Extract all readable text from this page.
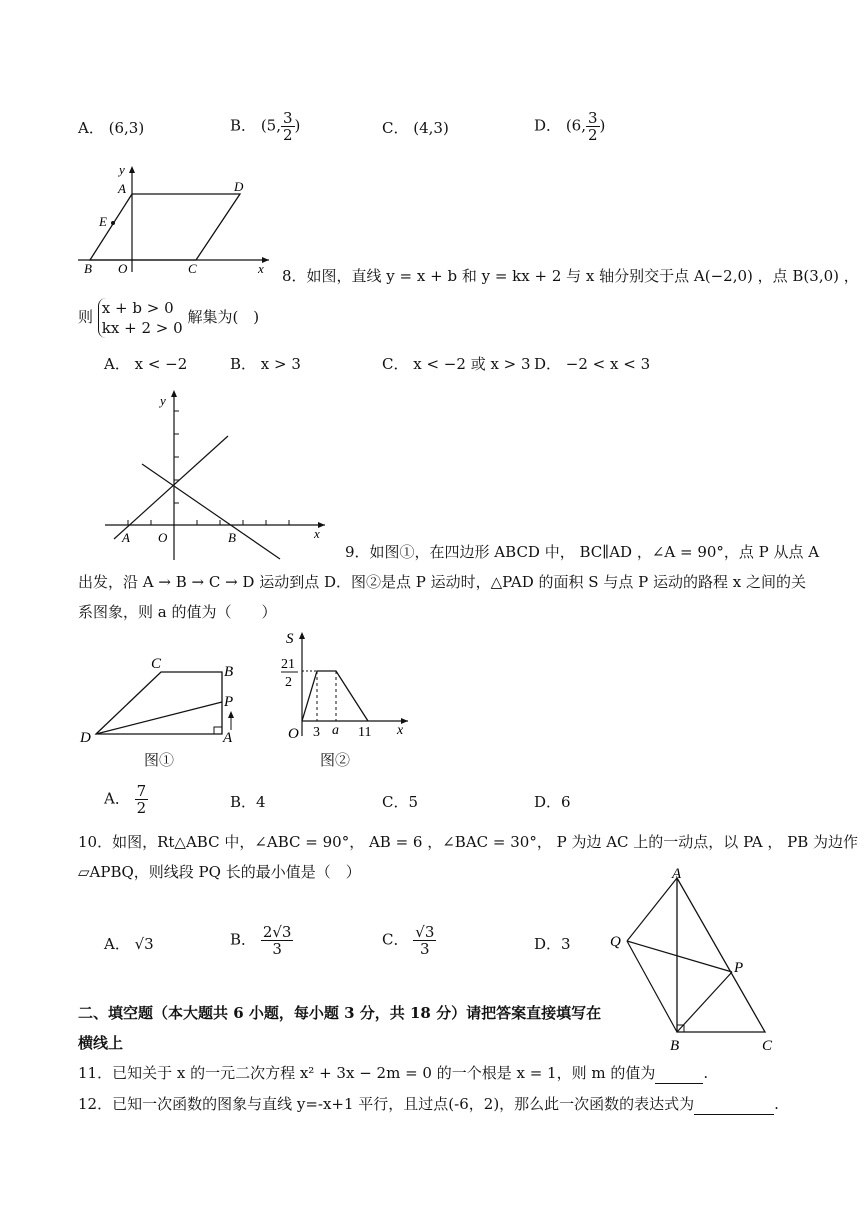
A． (6,3)	B． (5, $\frac{3}{2}$ )	C． (4,3)	D． (6, $\frac{3}{2}$ )
y
x
A	D
E
B O	C	8．如图，直线 y = x + b 和 y = kx + 2 与 x 轴分别交于点 A(−2,0) ，点 B(3,0) ，
则 x + b > 0
kx + 2 > 0
解集为(　)
A． x < −2	B． x > 3	C． x < −2 或 x > 3 D． −2 < x < 3
y
x
A O	B
9．如图①，在四边形 ABCD 中， BC∥AD ，∠A = 90°，点 P 从点 A
出发，沿 A → B → C → D 运动到点 D．图②是点 P 运动时，△PAD 的面积 S 与点 P 运动的路程 x 之间的关
系图象，则 a 的值为（　　）
C	B
P
D	A
图①
S
21
2
O 3 a 11 x
图②
A． $\frac{7}{2}$	B．4	C．5	D．6
10．如图，Rt△ABC 中，∠ABC = 90°， AB = 6 ，∠BAC = 30°， P 为边 AC 上的一动点，以 PA ， PB 为边作
▱APBQ，则线段 PQ 长的最小值是（　）
A． √3	B． $\frac{2√3}{3}$	C． $\frac{√3}{3}$	D．3
A
Q
P
B	C
二、填空题（本大题共 6 小题，每小题 3 分，共 18 分）请把答案直接填写在
横线上
11．已知关于 x 的一元二次方程 x² + 3x − 2m = 0 的一个根是 x = 1，则 m 的值为	.
12．已知一次函数的图象与直线 y=-x+1 平行，且过点(-6，2)，那么此一次函数的表达式为	.
